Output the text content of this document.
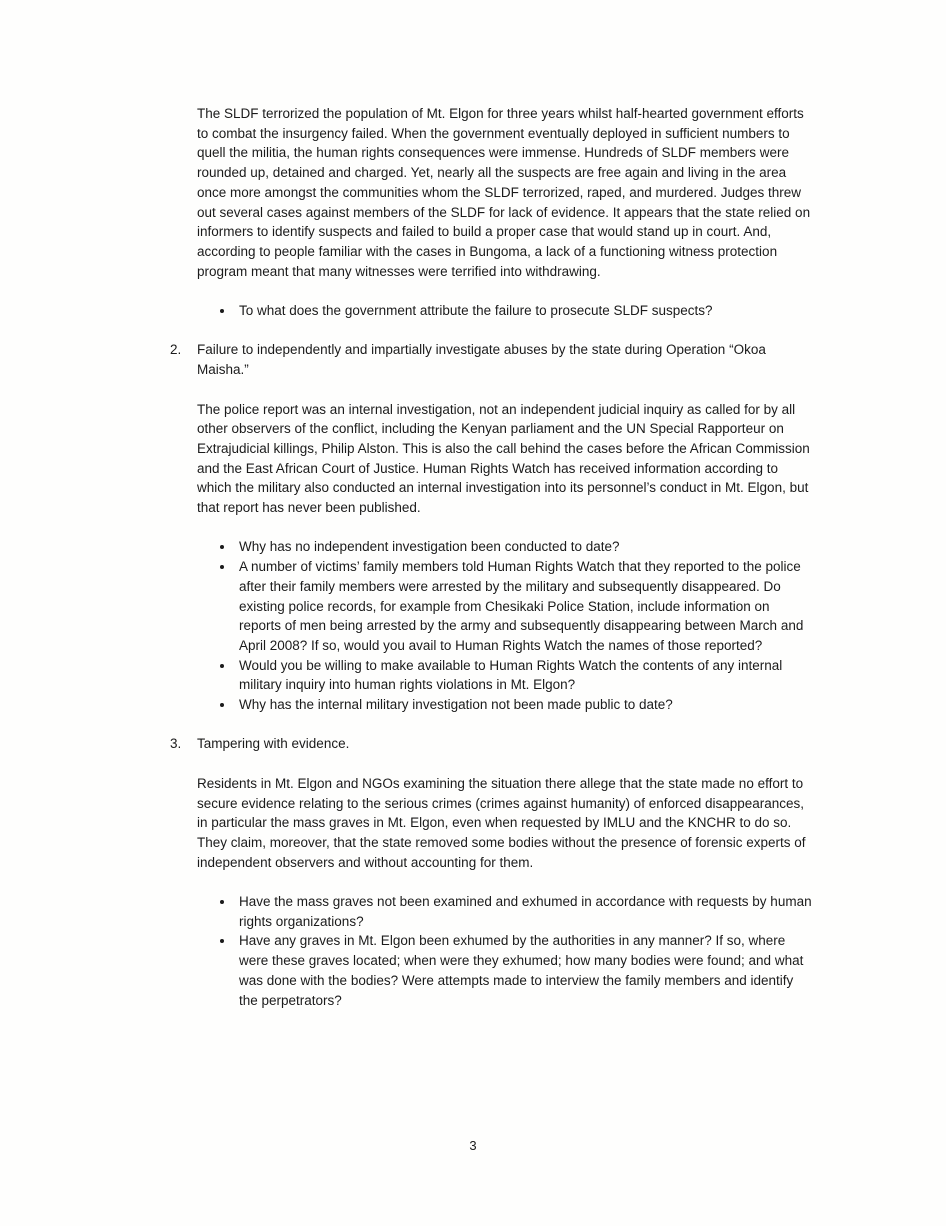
The SLDF terrorized the population of Mt. Elgon for three years whilst half-hearted government efforts to combat the insurgency failed. When the government eventually deployed in sufficient numbers to quell the militia, the human rights consequences were immense. Hundreds of SLDF members were rounded up, detained and charged. Yet, nearly all the suspects are free again and living in the area once more amongst the communities whom the SLDF terrorized, raped, and murdered. Judges threw out several cases against members of the SLDF for lack of evidence. It appears that the state relied on informers to identify suspects and failed to build a proper case that would stand up in court. And, according to people familiar with the cases in Bungoma, a lack of a functioning witness protection program meant that many witnesses were terrified into withdrawing.

• To what does the government attribute the failure to prosecute SLDF suspects?
2.	Failure to independently and impartially investigate abuses by the state during Operation “Okoa Maisha.”

The police report was an internal investigation, not an independent judicial inquiry as called for by all other observers of the conflict, including the Kenyan parliament and the UN Special Rapporteur on Extrajudicial killings, Philip Alston. This is also the call behind the cases before the African Commission and the East African Court of Justice. Human Rights Watch has received information according to which the military also conducted an internal investigation into its personnel’s conduct in Mt. Elgon, but that report has never been published.

• Why has no independent investigation been conducted to date?
• A number of victims’ family members told Human Rights Watch that they reported to the police after their family members were arrested by the military and subsequently disappeared. Do existing police records, for example from Chesikaki Police Station, include information on reports of men being arrested by the army and subsequently disappearing between March and April 2008? If so, would you avail to Human Rights Watch the names of those reported?
• Would you be willing to make available to Human Rights Watch the contents of any internal military inquiry into human rights violations in Mt. Elgon?
• Why has the internal military investigation not been made public to date?
3.	Tampering with evidence.

Residents in Mt. Elgon and NGOs examining the situation there allege that the state made no effort to secure evidence relating to the serious crimes (crimes against humanity) of enforced disappearances, in particular the mass graves in Mt. Elgon, even when requested by IMLU and the KNCHR to do so. They claim, moreover, that the state removed some bodies without the presence of forensic experts of independent observers and without accounting for them.

• Have the mass graves not been examined and exhumed in accordance with requests by human rights organizations?
• Have any graves in Mt. Elgon been exhumed by the authorities in any manner? If so, where were these graves located; when were they exhumed; how many bodies were found; and what was done with the bodies? Were attempts made to interview the family members and identify the perpetrators?
3
